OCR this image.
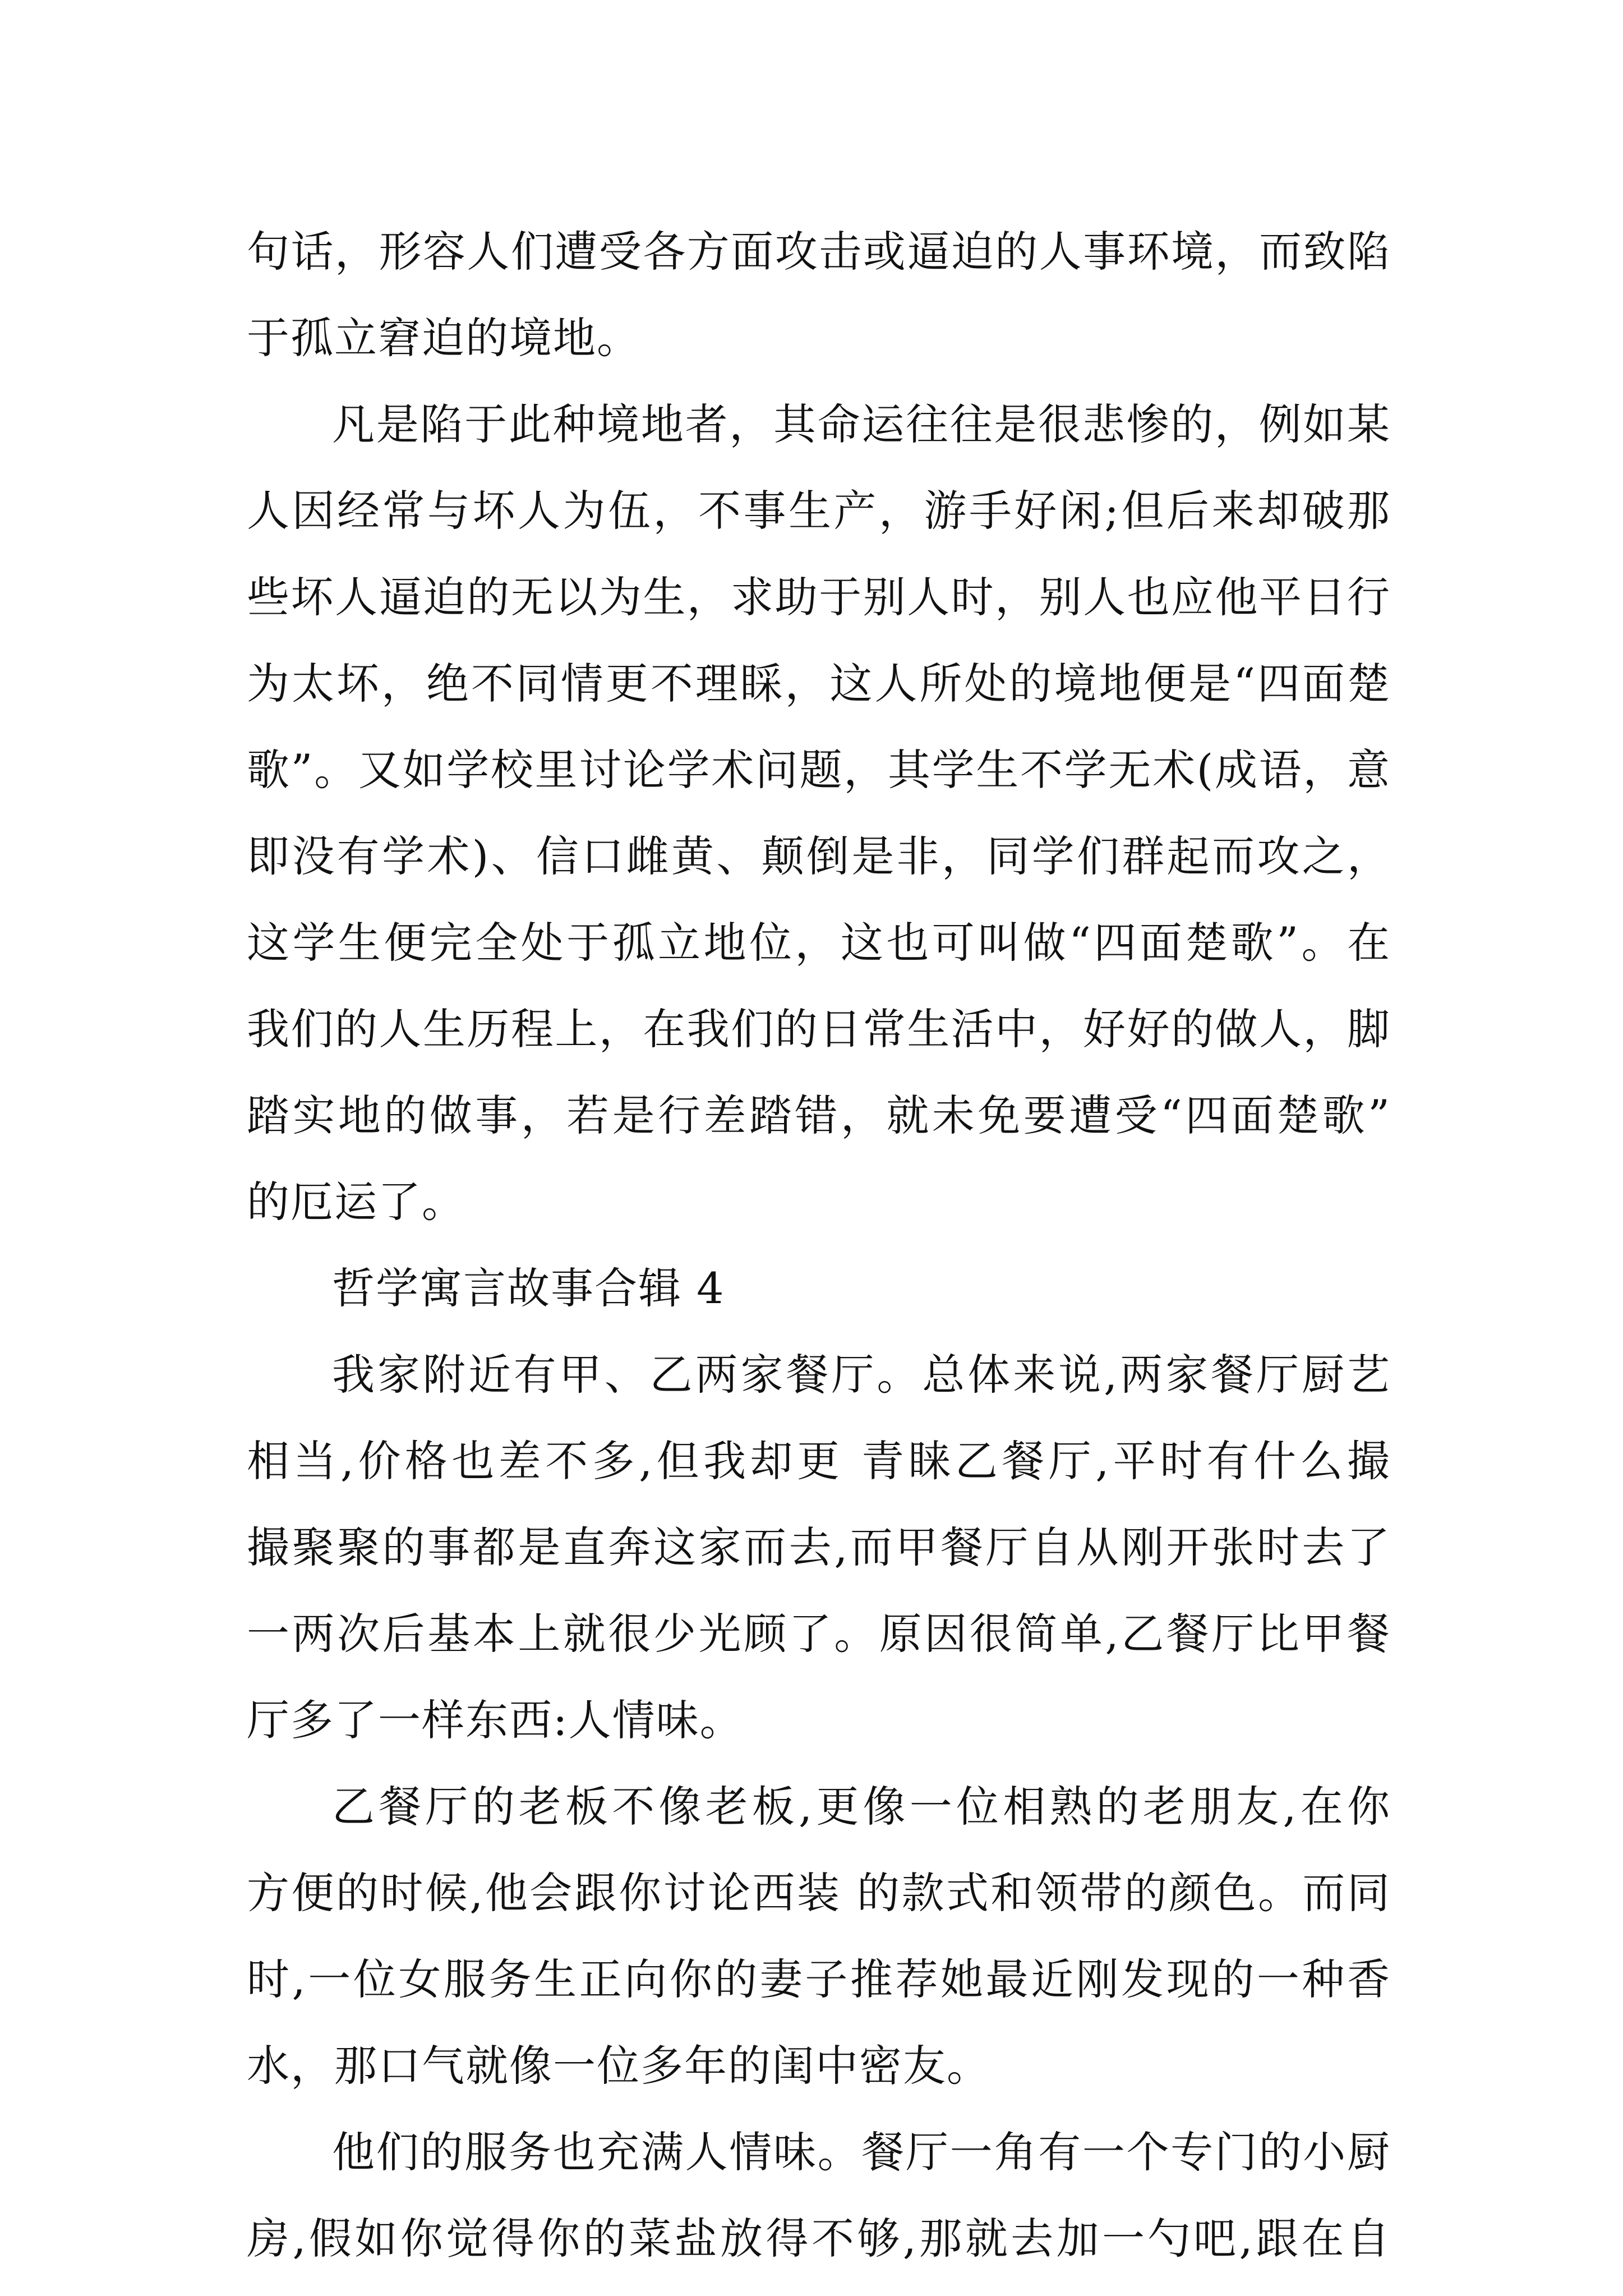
句话，形容人们遭受各方面攻击或逼迫的人事环境，而致陷
于孤立窘迫的境地。
凡是陷于此种境地者，其命运往往是很悲惨的，例如某
人因经常与坏人为伍，不事生产，游手好闲;但后来却破那
些坏人逼迫的无以为生，求助于别人时，别人也应他平日行
为太坏，绝不同情更不理睬，这人所处的境地便是“四面楚
歌”。又如学校里讨论学术问题，其学生不学无术(成语，意
即没有学术)、信口雌黄、颠倒是非，同学们群起而攻之，
这学生便完全处于孤立地位，这也可叫做“四面楚歌”。在
我们的人生历程上，在我们的日常生活中，好好的做人，脚
踏实地的做事，若是行差踏错，就未免要遭受“四面楚歌”
的厄运了。
哲学寓言故事合辑 4
我家附近有甲、乙两家餐厅。总体来说,两家餐厅厨艺
相当,价格也差不多,但我却更 青睐乙餐厅,平时有什么撮
撮聚聚的事都是直奔这家而去,而甲餐厅自从刚开张时去了
一两次后基本上就很少光顾了。原因很简单,乙餐厅比甲餐
厅多了一样东西:人情味。
乙餐厅的老板不像老板,更像一位相熟的老朋友,在你
方便的时候,他会跟你讨论西装 的款式和领带的颜色。而同
时,一位女服务生正向你的妻子推荐她最近刚发现的一种香
水，那口气就像一位多年的闺中密友。
他们的服务也充满人情味。餐厅一角有一个专门的小厨
房,假如你觉得你的菜盐放得不够,那就去加一勺吧,跟在自
